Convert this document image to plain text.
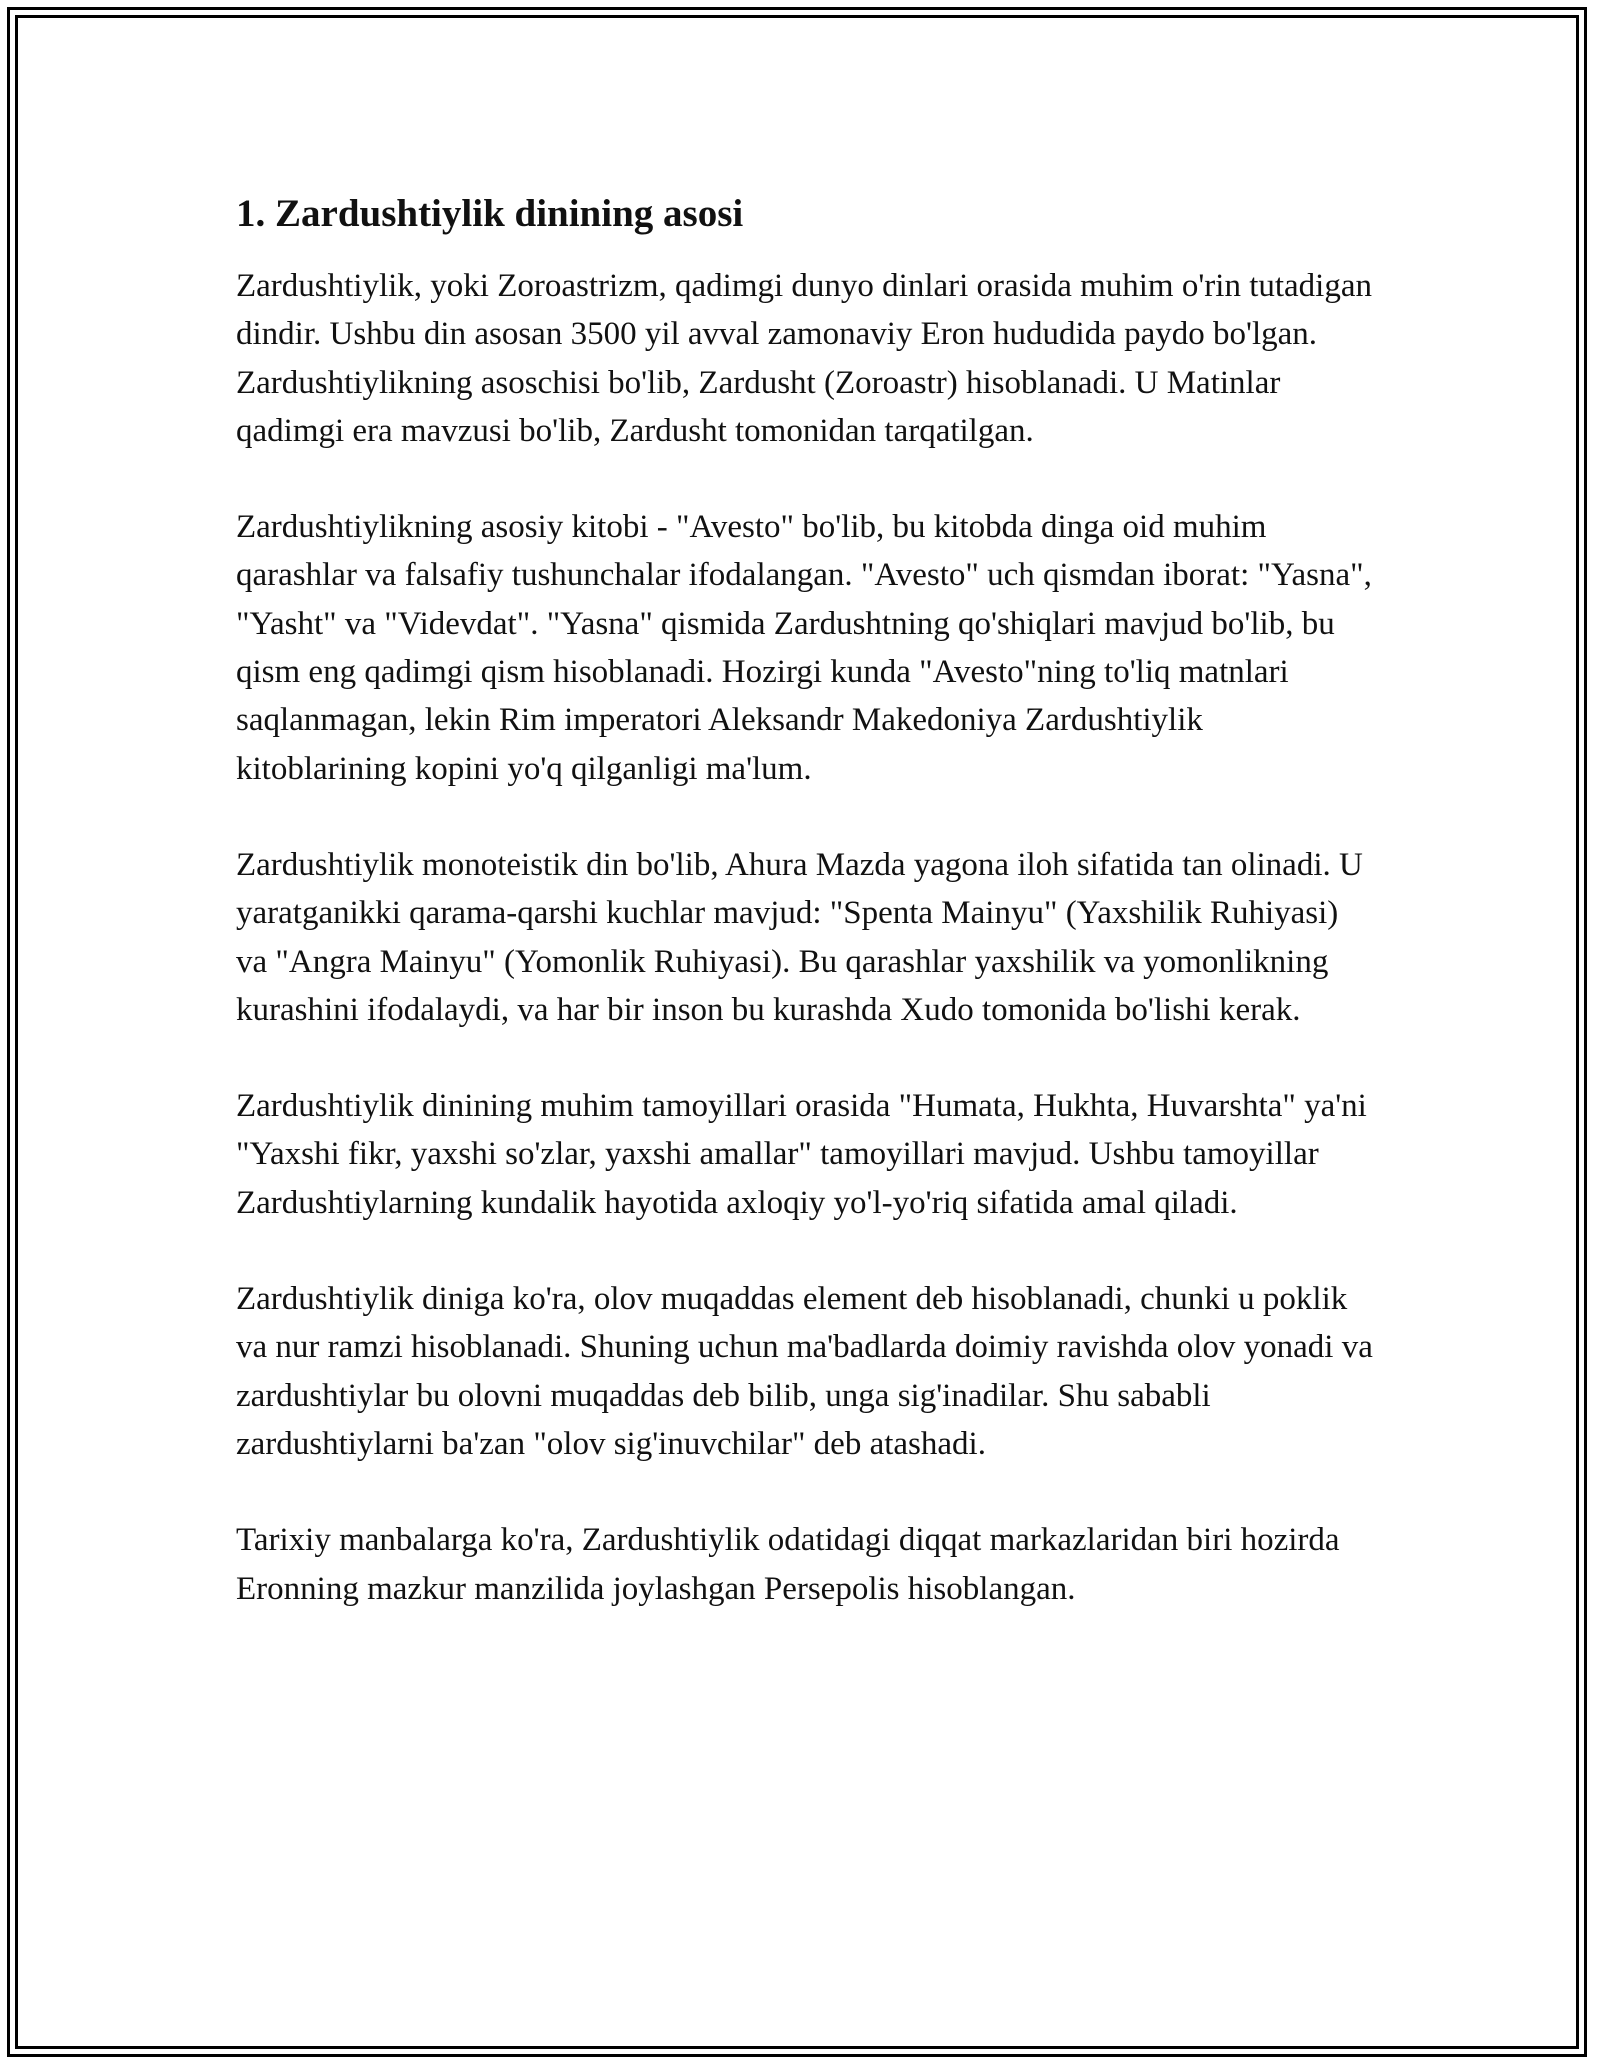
1. Zardushtiylik dinining asosi

Zardushtiylik, yoki Zoroastrizm, qadimgi dunyo dinlari orasida muhim o'rin tutadigan dindir. Ushbu din asosan 3500 yil avval zamonaviy Eron hududida paydo bo'lgan. Zardushtiylikning asoschisi bo'lib, Zardusht (Zoroastr) hisoblanadi. U Matinlar qadimgi era mavzusi bo'lib, Zardusht tomonidan tarqatilgan.

Zardushtiylikning asosiy kitobi - "Avesto" bo'lib, bu kitobda dinga oid muhim qarashlar va falsafiy tushunchalar ifodalangan. "Avesto" uch qismdan iborat: "Yasna", "Yasht" va "Videvdat". "Yasna" qismida Zardushtning qo'shiqlari mavjud bo'lib, bu qism eng qadimgi qism hisoblanadi. Hozirgi kunda "Avesto"ning to'liq matnlari saqlanmagan, lekin Rim imperatori Aleksandr Makedoniya Zardushtiylik kitoblarining kopini yo'q qilganligi ma'lum.

Zardushtiylik monoteistik din bo'lib, Ahura Mazda yagona iloh sifatida tan olinadi. U yaratganikki qarama-qarshi kuchlar mavjud: "Spenta Mainyu" (Yaxshilik Ruhiyasi) va "Angra Mainyu" (Yomonlik Ruhiyasi). Bu qarashlar yaxshilik va yomonlikning kurashini ifodalaydi, va har bir inson bu kurashda Xudo tomonida bo'lishi kerak.

Zardushtiylik dinining muhim tamoyillari orasida "Humata, Hukhta, Huvarshta" ya'ni "Yaxshi fikr, yaxshi so'zlar, yaxshi amallar" tamoyillari mavjud. Ushbu tamoyillar Zardushtiylarning kundalik hayotida axloqiy yo'l-yo'riq sifatida amal qiladi.

Zardushtiylik diniga ko'ra, olov muqaddas element deb hisoblanadi, chunki u poklik va nur ramzi hisoblanadi. Shuning uchun ma'badlarda doimiy ravishda olov yonadi va zardushtiylar bu olovni muqaddas deb bilib, unga sig'inadilar. Shu sababli zardushtiylarni ba'zan "olov sig'inuvchilar" deb atashadi.

Tarixiy manbalarga ko'ra, Zardushtiylik odatidagi diqqat markazlaridan biri hozirda Eronning mazkur manzilida joylashgan Persepolis hisoblangan.
